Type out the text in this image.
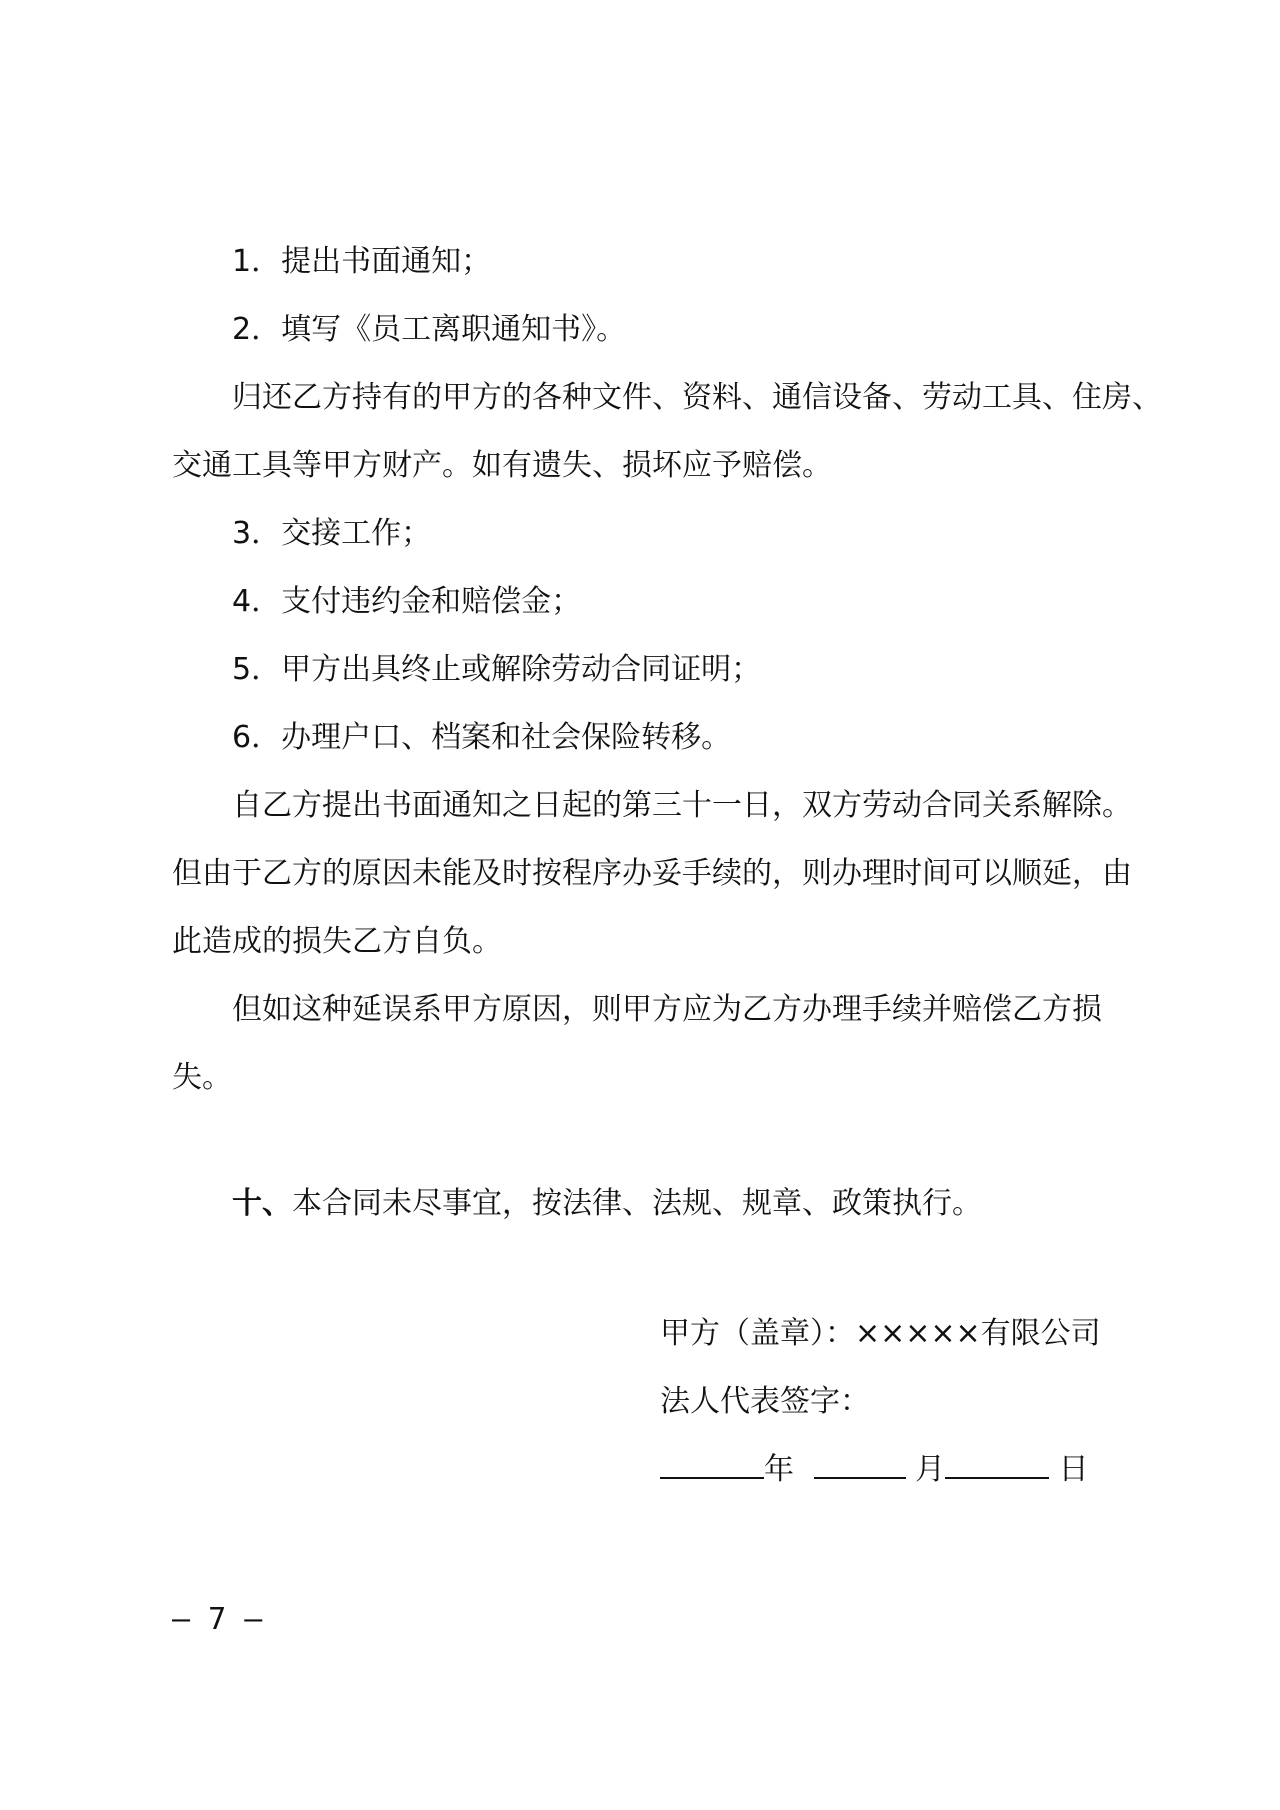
1．提出书面通知；
2．填写《员工离职通知书》。
归还乙方持有的甲方的各种文件、资料、通信设备、劳动工具、住房、
交通工具等甲方财产。如有遗失、损坏应予赔偿。
3．交接工作；
4．支付违约金和赔偿金；
5．甲方出具终止或解除劳动合同证明；
6．办理户口、档案和社会保险转移。
自乙方提出书面通知之日起的第三十一日，双方劳动合同关系解除。
但由于乙方的原因未能及时按程序办妥手续的，则办理时间可以顺延，由
此造成的损失乙方自负。
但如这种延误系甲方原因，则甲方应为乙方办理手续并赔偿乙方损
失。
十、本合同未尽事宜，按法律、法规、规章、政策执行。
甲方（盖章）：×××××有限公司
法人代表签字：
年	月	日
– 7 –
